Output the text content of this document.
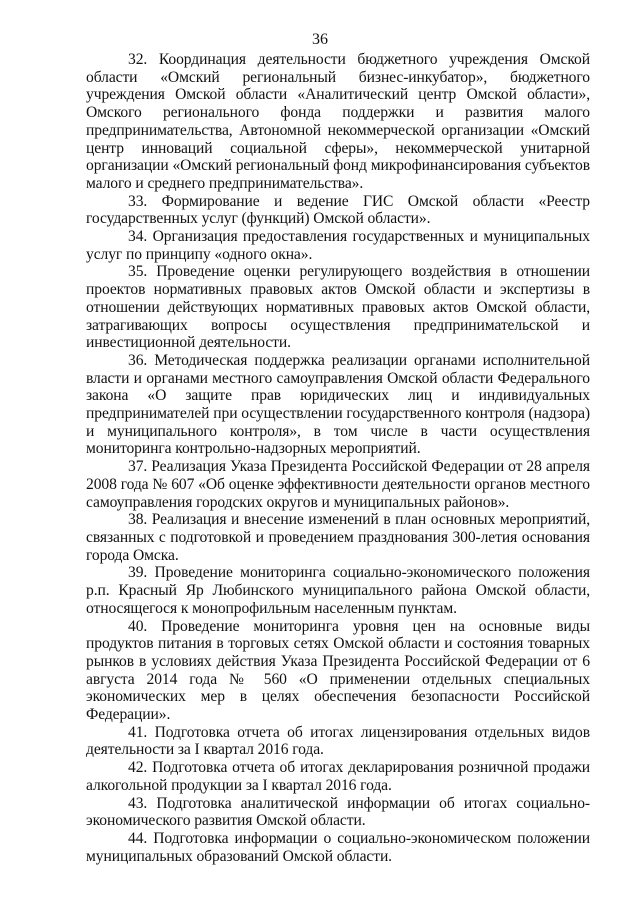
36

32. Координация деятельности бюджетного учреждения Омской области «Омский региональный бизнес-инкубатор», бюджетного учреждения Омской области «Аналитический центр Омской области», Омского регионального фонда поддержки и развития малого предпринимательства, Автономной некоммерческой организации «Омский центр инноваций социальной сферы», некоммерческой унитарной организации «Омский региональный фонд микрофинансирования субъектов малого и среднего предпринимательства».

33. Формирование и ведение ГИС Омской области «Реестр государственных услуг (функций) Омской области».

34. Организация предоставления государственных и муниципальных услуг по принципу «одного окна».

35. Проведение оценки регулирующего воздействия в отношении проектов нормативных правовых актов Омской области и экспертизы в отношении действующих нормативных правовых актов Омской области, затрагивающих вопросы осуществления предпринимательской и инвестиционной деятельности.

36. Методическая поддержка реализации органами исполнительной власти и органами местного самоуправления Омской области Федерального закона «О защите прав юридических лиц и индивидуальных предпринимателей при осуществлении государственного контроля (надзора) и муниципального контроля», в том числе в части осуществления мониторинга контрольно-надзорных мероприятий.

37. Реализация Указа Президента Российской Федерации от 28 апреля 2008 года № 607 «Об оценке эффективности деятельности органов местного самоуправления городских округов и муниципальных районов».

38. Реализация и внесение изменений в план основных мероприятий, связанных с подготовкой и проведением празднования 300-летия основания города Омска.

39. Проведение мониторинга социально-экономического положения р.п. Красный Яр Любинского муниципального района Омской области, относящегося к монопрофильным населенным пунктам.

40. Проведение мониторинга уровня цен на основные виды продуктов питания в торговых сетях Омской области и состояния товарных рынков в условиях действия Указа Президента Российской Федерации от 6 августа 2014 года № 560 «О применении отдельных специальных экономических мер в целях обеспечения безопасности Российской Федерации».

41. Подготовка отчета об итогах лицензирования отдельных видов деятельности за I квартал 2016 года.

42. Подготовка отчета об итогах декларирования розничной продажи алкогольной продукции за I квартал 2016 года.

43. Подготовка аналитической информации об итогах социально-экономического развития Омской области.

44. Подготовка информации о социально-экономическом положении муниципальных образований Омской области.
